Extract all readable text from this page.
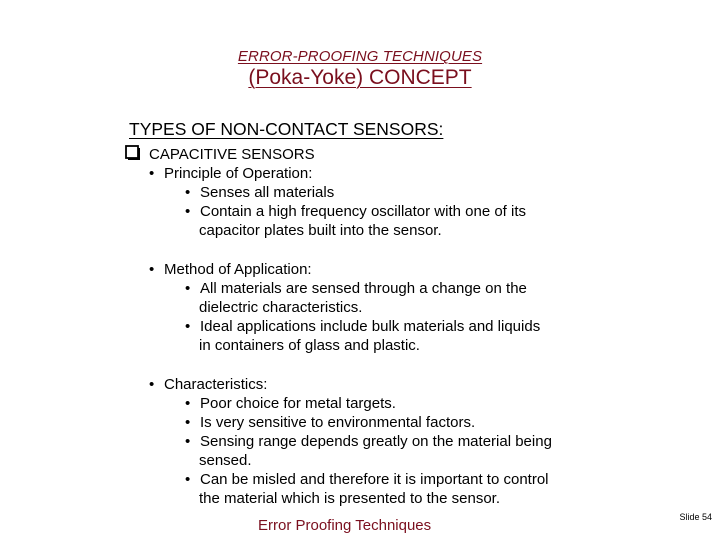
ERROR-PROOFING TECHNIQUES
(Poka-Yoke) CONCEPT
TYPES OF NON-CONTACT SENSORS:
CAPACITIVE SENSORS
• Principle of Operation:
• Senses all materials
• Contain a high frequency oscillator with one of its
capacitor plates built into the sensor.
• Method of Application:
• All materials are sensed through a change on the
dielectric characteristics.
• Ideal applications include bulk materials and liquids
in containers of glass and plastic.
• Characteristics:
• Poor choice for metal targets.
• Is very sensitive to environmental factors.
• Sensing range depends greatly on the material being
sensed.
• Can be misled and therefore it is important to control
the material which is presented to the sensor.
Error Proofing Techniques	Slide 54
